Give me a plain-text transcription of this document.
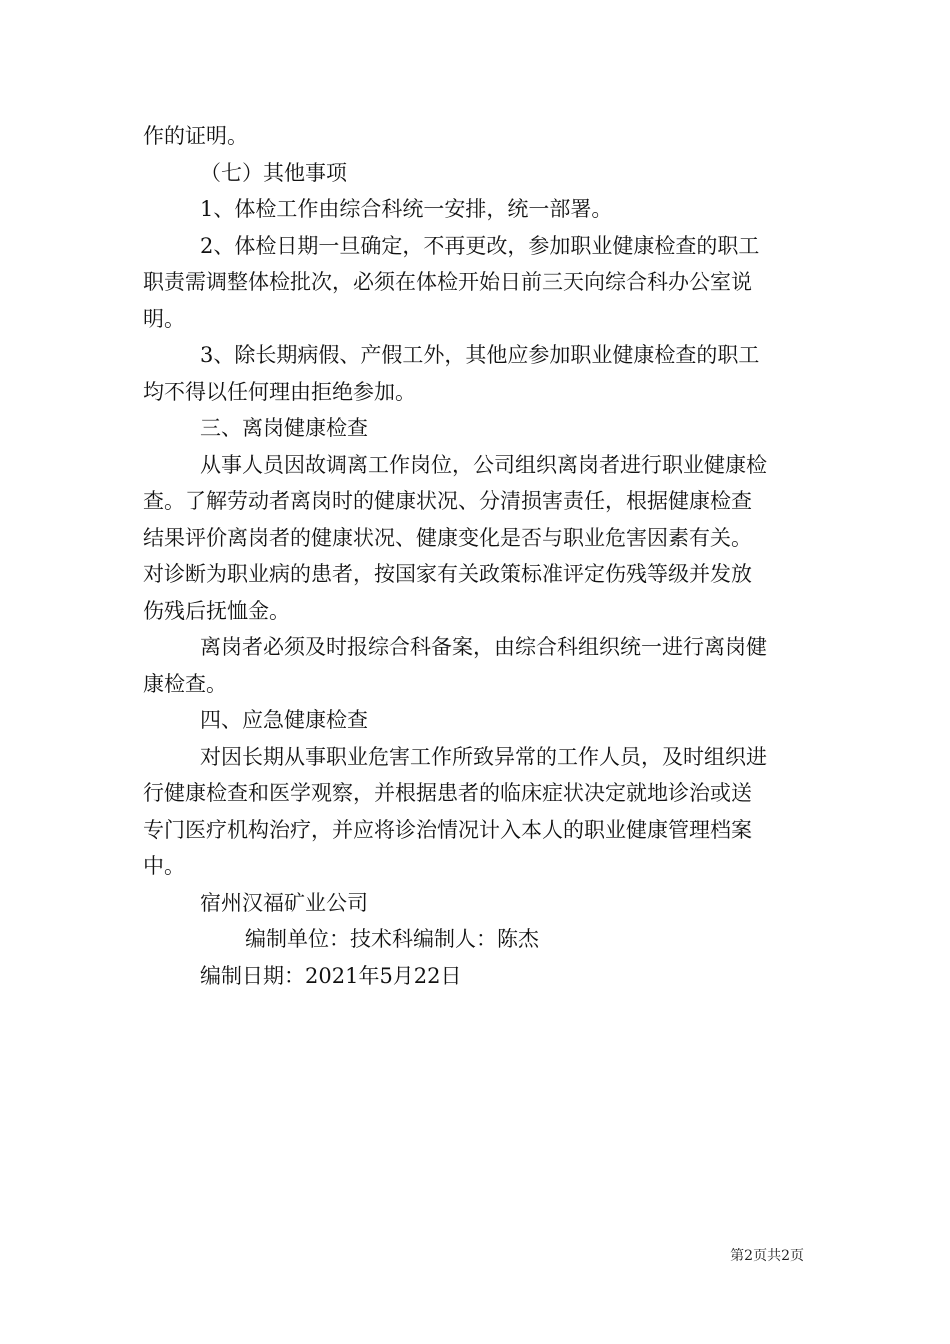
作的证明。

（七）其他事项

1、体检工作由综合科统一安排，统一部署。

2、体检日期一旦确定，不再更改，参加职业健康检查的职工

职责需调整体检批次，必须在体检开始日前三天向综合科办公室说

明。

3、除长期病假、产假工外，其他应参加职业健康检查的职工

均不得以任何理由拒绝参加。

三、离岗健康检查

从事人员因故调离工作岗位，公司组织离岗者进行职业健康检

查。了解劳动者离岗时的健康状况、分清损害责任，根据健康检查

结果评价离岗者的健康状况、健康变化是否与职业危害因素有关。

对诊断为职业病的患者，按国家有关政策标准评定伤残等级并发放

伤残后抚恤金。

离岗者必须及时报综合科备案，由综合科组织统一进行离岗健

康检查。

四、应急健康检查

对因长期从事职业危害工作所致异常的工作人员，及时组织进

行健康检查和医学观察，并根据患者的临床症状决定就地诊治或送

专门医疗机构治疗，并应将诊治情况计入本人的职业健康管理档案

中。

宿州汉福矿业公司

编制单位：技术科编制人：陈杰

编制日期：2021年5月22日

第2页共2页
